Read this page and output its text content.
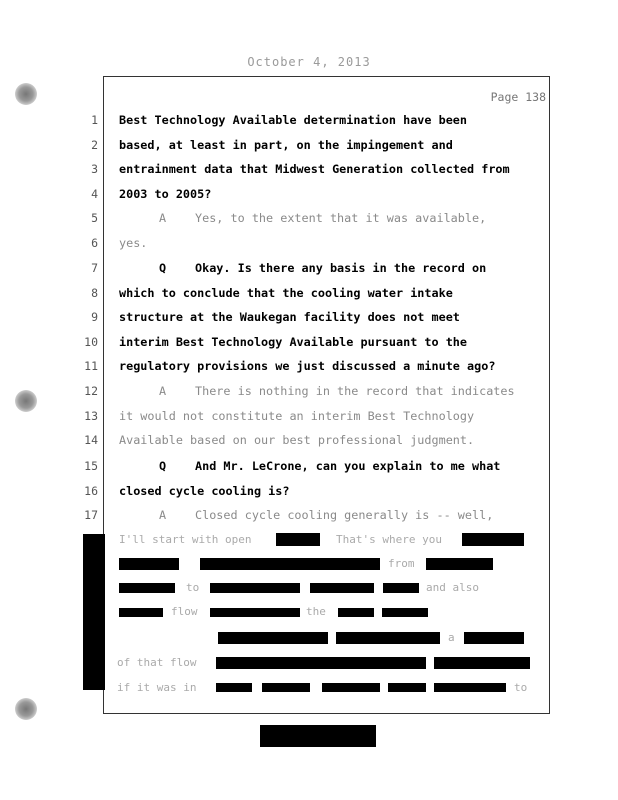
October 4, 2013
Page 138
1 Best Technology Available determination have been
2 based, at least in part, on the impingement and
3 entrainment data that Midwest Generation collected from
4 2003 to 2005?
5	A Yes, to the extent that it was available,
6 yes.
7	Q Okay. Is there any basis in the record on
8 which to conclude that the cooling water intake
9 structure at the Waukegan facility does not meet
10 interim Best Technology Available pursuant to the
11 regulatory provisions we just discussed a minute ago?
12	A There is nothing in the record that indicates
13 it would not constitute an interim Best Technology
14 Available based on our best professional judgment.
15	Q And Mr. LeCrone, can you explain to me what
16 closed cycle cooling is?
17	A Closed cycle cooling generally is -- well,
I'll start with open	That's where you
from
to	and also
flow	the
a
of that flow
if it was in	to
